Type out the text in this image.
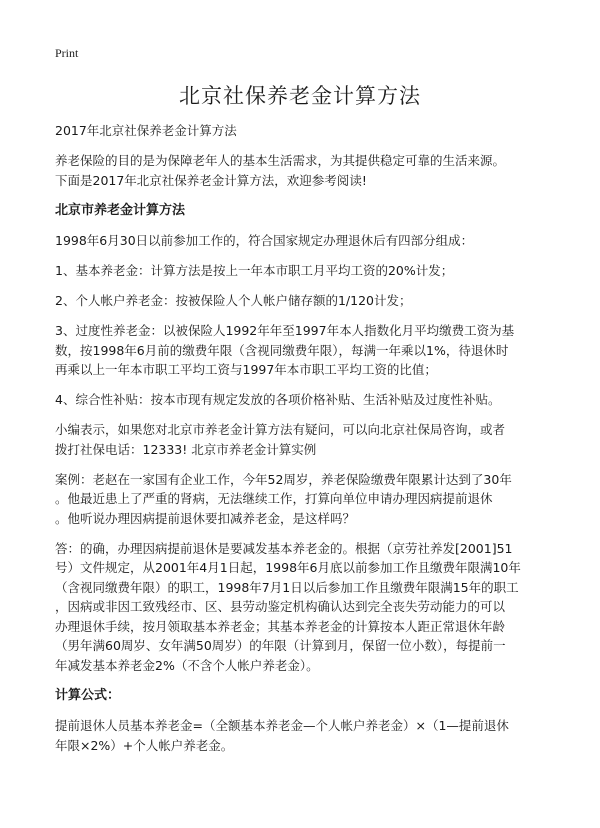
Print
北京社保养老金计算方法
2017年北京社保养老金计算方法
养老保险的目的是为保障老年人的基本生活需求，为其提供稳定可靠的生活来源。
下面是2017年北京社保养老金计算方法，欢迎参考阅读!
北京市养老金计算方法
1998年6月30日以前参加工作的，符合国家规定办理退休后有四部分组成：
1、基本养老金：计算方法是按上一年本市职工月平均工资的20%计发；
2、个人帐户养老金：按被保险人个人帐户储存额的1/120计发；
3、过度性养老金：以被保险人1992年年至1997年本人指数化月平均缴费工资为基
数，按1998年6月前的缴费年限（含视同缴费年限），每满一年乘以1%，待退休时
再乘以上一年本市职工平均工资与1997年本市职工平均工资的比值；
4、综合性补贴：按本市现有规定发放的各项价格补贴、生活补贴及过度性补贴。
小编表示，如果您对北京市养老金计算方法有疑问，可以向北京社保局咨询，或者
拨打社保电话：12333! 北京市养老金计算实例
案例：老赵在一家国有企业工作，今年52周岁，养老保险缴费年限累计达到了30年
。他最近患上了严重的肾病，无法继续工作，打算向单位申请办理因病提前退休
。他听说办理因病提前退休要扣减养老金，是这样吗？
答：的确，办理因病提前退休是要减发基本养老金的。根据（京劳社养发[2001]51
号）文件规定，从2001年4月1日起，1998年6月底以前参加工作且缴费年限满10年
（含视同缴费年限）的职工，1998年7月1日以后参加工作且缴费年限满15年的职工
，因病或非因工致残经市、区、县劳动鉴定机构确认达到完全丧失劳动能力的可以
办理退休手续，按月领取基本养老金；其基本养老金的计算按本人距正常退休年龄
（男年满60周岁、女年满50周岁）的年限（计算到月，保留一位小数），每提前一
年减发基本养老金2%（不含个人帐户养老金）。
计算公式：
提前退休人员基本养老金=（全额基本养老金—个人帐户养老金）×（1—提前退休
年限×2%）+个人帐户养老金。
